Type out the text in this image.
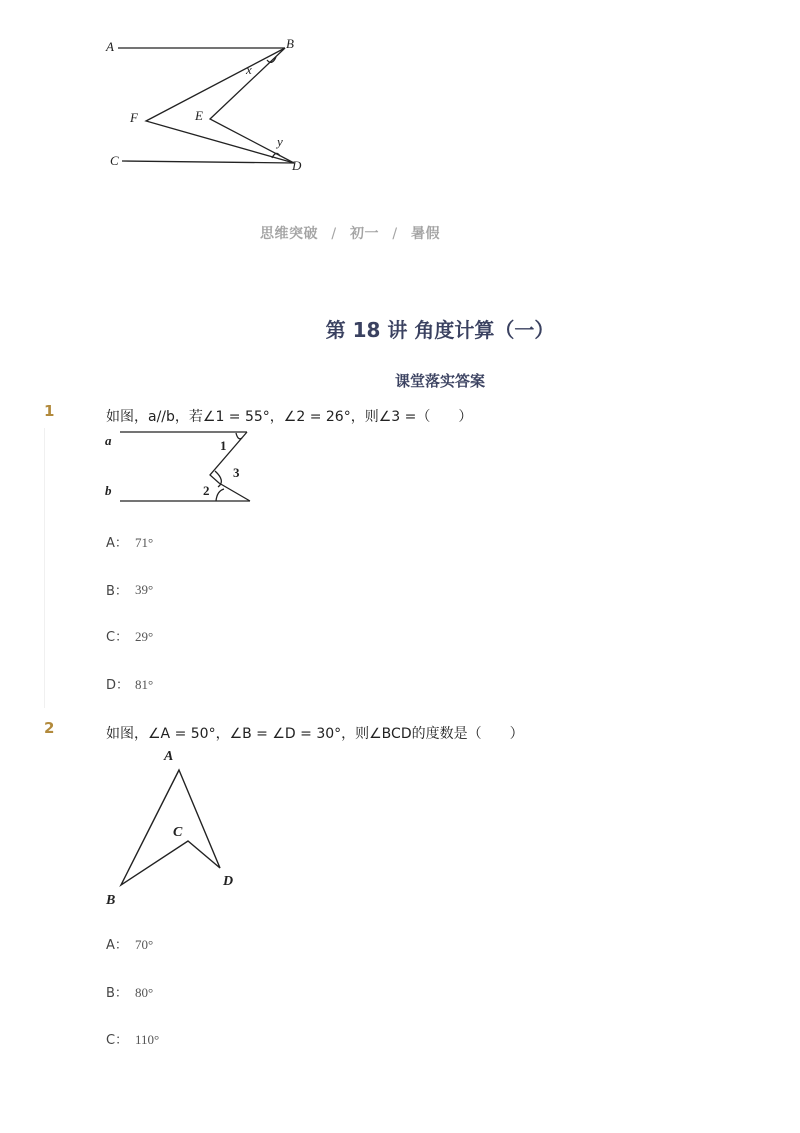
A	B
C	D
E
F
x
y
思维突破 / 初一 / 暑假
第 18 讲 角度计算（一）
课堂落实答案
1	如图，a//b，若∠1 = 55°，∠2 = 26°，则∠3 =（　　）
a
b
1
2
3
A： 71°
B： 39°
C： 29°
D： 81°
2	如图，∠A = 50°，∠B = ∠D = 30°，则∠BCD的度数是（　　）
A
B
C
D
A： 70°
B： 80°
C： 110°
